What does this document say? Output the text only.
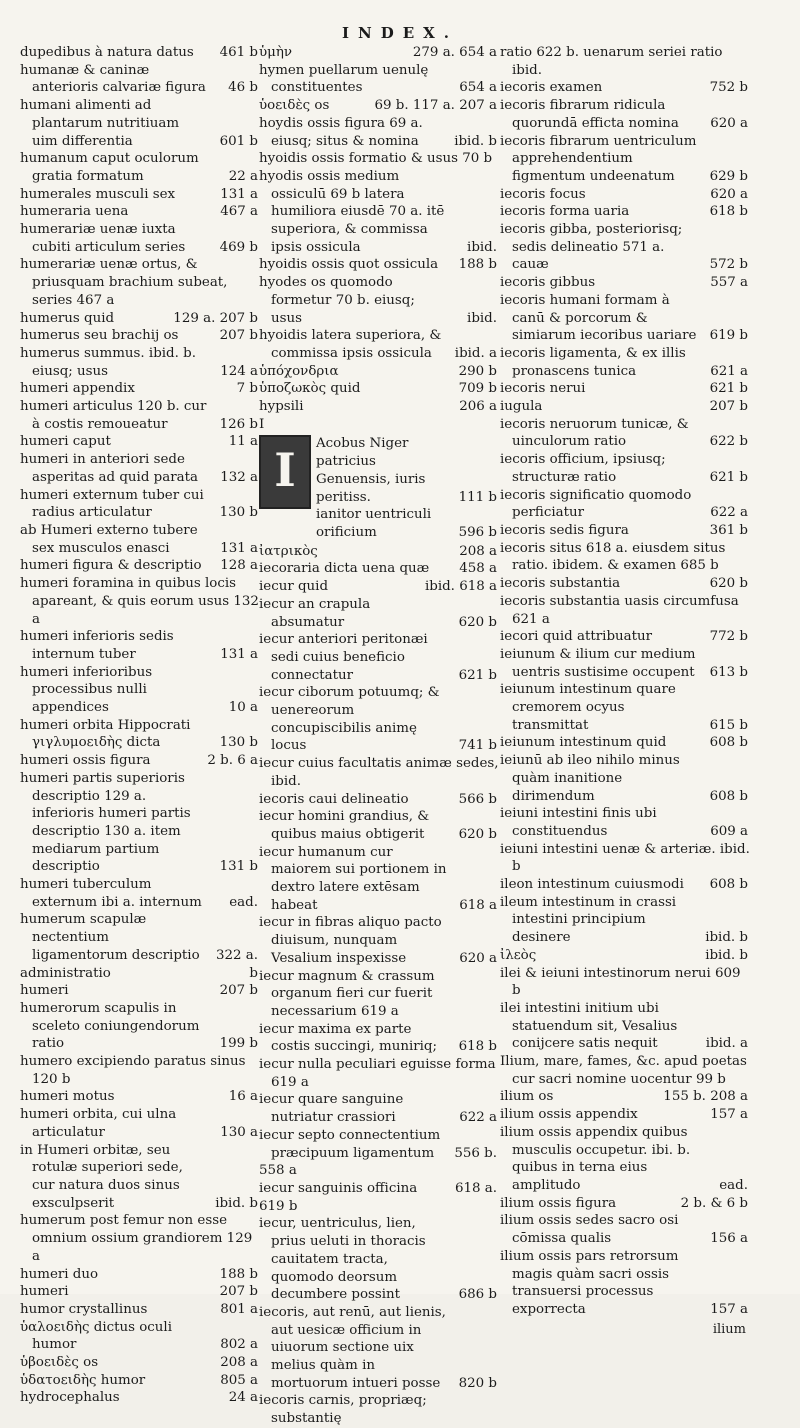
INDEX.
dupedibus à natura datus	461 b
humanæ & caninæ anterioris calvariæ figura	46 b
humani alimenti ad plantarum nutritiuam uim differentia	601 b
humanum caput oculorum gratia formatum	22 a
humerales musculi sex	131 a
humeraria uena	467 a
humerariæ uenæ iuxta cubiti articulum series	469 b
humerariæ uenæ ortus, & priusquam brachium subeat, series 467 a
humerus quid	129 a. 207 b
humerus seu brachij os	207 b
humerus summus. ibid. b. eiusq; usus	124 a
humeri appendix	7 b
humeri articulus 120 b. cur à costis remoueatur	126 b
humeri caput	11 a
humeri in anteriori sede asperitas ad quid parata	132 a
humeri externum tuber cui radius articulatur	130 b
ab Humeri externo tubere sex musculos enasci	131 a
humeri figura & descriptio	128 a
humeri foramina in quibus locis apareant, & quis eorum usus 132 a
humeri inferioris sedis internum tuber	131 a
humeri inferioribus processibus nulli appendices	10 a
humeri orbita Hippocrati γιγλυμοειδὴς dicta	130 b
humeri ossis figura	2 b. 6 a
humeri partis superioris descriptio 129 a. inferioris humeri partis descriptio 130 a. item mediarum partium descriptio	131 b
humeri tuberculum externum ibi a. internum	ead.
humerum scapulæ nectentium ligamentorum descriptio	322 a.
administratio	b
humeri	207 b
humerorum scapulis in sceleto coniungendorum ratio	199 b
humero excipiendo paratus sinus 120 b
humeri motus	16 a
humeri orbita, cui ulna articulatur	130 a
in Humeri orbitæ, seu rotulæ superiori sede, cur natura duos sinus exsculpserit	ibid. b
humerum post femur non esse omnium ossium grandiorem 129 a
humeri duo	188 b
humeri	207 b
humor crystallinus	801 a
ὑαλοειδὴς dictus oculi humor	802 a
ὑβοειδὲς os	208 a
ὑδατοειδὴς humor	805 a
hydrocephalus	24 a
ὑμὴν	279 a. 654 a
hymen puellarum uenulę constituentes	654 a
ὑοειδὲς os	69 b. 117 a. 207 a
hoydis ossis figura 69 a. eiusq; situs & nomina	ibid. b
hyoidis ossis formatio & usus 70 b
hyodis ossis medium ossiculū 69 b latera humiliora eiusdē 70 a. itē superiora, & commissa ipsis ossicula	ibid.
hyoidis ossis quot ossicula	188 b
hyodes os quomodo formetur 70 b. eiusq; usus	ibid.
hyoidis latera superiora, & commissa ipsis ossicula	ibid. a
ὑπόχονδρια	290 b
ὑποζωκὸς quid	709 b
hypsili	206 a
I
I	Acobus Niger patricius Genuensis, iuris peritiss.	111 b
ianitor uentriculi orificium	596 b
ἰατρικὸς	208 a
iecoraria dicta uena quæ	458 a
iecur quid	ibid. 618 a
iecur an crapula absumatur	620 b
iecur anteriori peritonæi sedi cuius beneficio connectatur	621 b
iecur ciborum potuumq; & uenereorum concupiscibilis animę locus	741 b
iecur cuius facultatis animæ sedes, ibid.
iecoris caui delineatio	566 b
iecur homini grandius, & quibus maius obtigerit	620 b
iecur humanum cur maiorem sui portionem in dextro latere extēsam habeat	618 a
iecur in fibras aliquo pacto diuisum, nunquam Vesalium inspexisse	620 a
iecur magnum & crassum organum fieri cur fuerit necessarium 619 a
iecur maxima ex parte costis succingi, muniriq;	618 b
iecur nulla peculiari eguisse forma 619 a
iecur quare sanguine nutriatur crassiori	622 a
iecur septo connectentium præcipuum ligamentum	556 b.
558 a
iecur sanguinis officina	618 a.
619 b
iecur, uentriculus, lien, prius ueluti in thoracis cauitatem tracta, quomodo deorsum decumbere possint	686 b
iecoris, aut renū, aut lienis, aut uesicæ officium in uiuorum sectione uix melius quàm in mortuorum intueri posse	820 b
iecoris carnis, propriæq; substantię
ratio 622 b. uenarum seriei ratio ibid.
iecoris examen	752 b
iecoris fibrarum ridicula quorundā efficta nomina	620 a
iecoris fibrarum uentriculum apprehendentium figmentum undeenatum	629 b
iecoris focus	620 a
iecoris forma uaria	618 b
iecoris gibba, posteriorisq; sedis delineatio 571 a. cauæ	572 b
iecoris gibbus	557 a
iecoris humani formam à canū & porcorum & simiarum iecoribus uariare 619 b
iecoris ligamenta, & ex illis pronascens tunica	621 a
iecoris nerui	621 b
iugula	207 b
iecoris neruorum tunicæ, & uinculorum ratio	622 b
iecoris officium, ipsiusq; structuræ ratio	621 b
iecoris significatio quomodo perficiatur	622 a
iecoris sedis figura	361 b
iecoris situs 618 a. eiusdem situs ratio. ibidem. & examen 685 b
iecoris substantia	620 b
iecoris substantia uasis circumfusa 621 a
iecori quid attribuatur	772 b
ieiunum & ilium cur medium uentris sustisime occupent	613 b
ieiunum intestinum quare cremorem ocyus transmittat	615 b
ieiunum intestinum quid	608 b
ieiunū ab ileo nihilo minus quàm inanitione dirimendum	608 b
ieiuni intestini finis ubi constituendus	609 a
ieiuni intestini uenæ & arteriæ. ibid. b
ileon intestinum cuiusmodi	608 b
ileum intestinum in crassi intestini principium desinere	ibid. b
ἰλεὸς	ibid. b
ilei & ieiuni intestinorum nerui 609 b
ilei intestini initium ubi statuendum sit, Vesalius conijcere satis nequit	ibid. a
Ilium, mare, fames, &c. apud poetas cur sacri nomine uocentur 99 b
ilium os	155 b. 208 a
ilium ossis appendix	157 a
ilium ossis appendix quibus musculis occupetur. ibi. b. quibus in terna eius amplitudo	ead.
ilium ossis figura	2 b. & 6 b
ilium ossis sedes sacro osi cōmissa qualis	156 a
ilium ossis pars retrorsum magis quàm sacri ossis transuersi processus exporrecta	157 a
ilium
